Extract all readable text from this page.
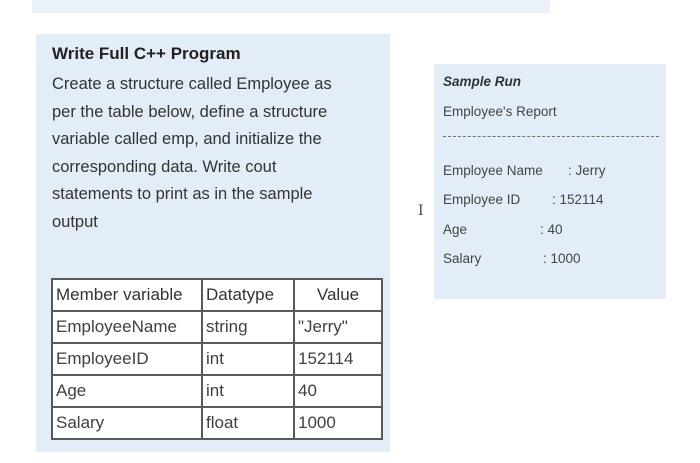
Write Full C++ Program
Create a structure called Employee as
per the table below, define a structure
variable called emp, and initialize the
corresponding data. Write cout
statements to print as in the sample
output
Member variable	Datatype	Value
EmployeeName	string	"Jerry"
EmployeeID	int	152114
Age	int	40
Salary	float	1000
I
Sample Run
Employee's Report
Employee Name : Jerry
Employee ID : 152114
Age	: 40
Salary	: 1000
